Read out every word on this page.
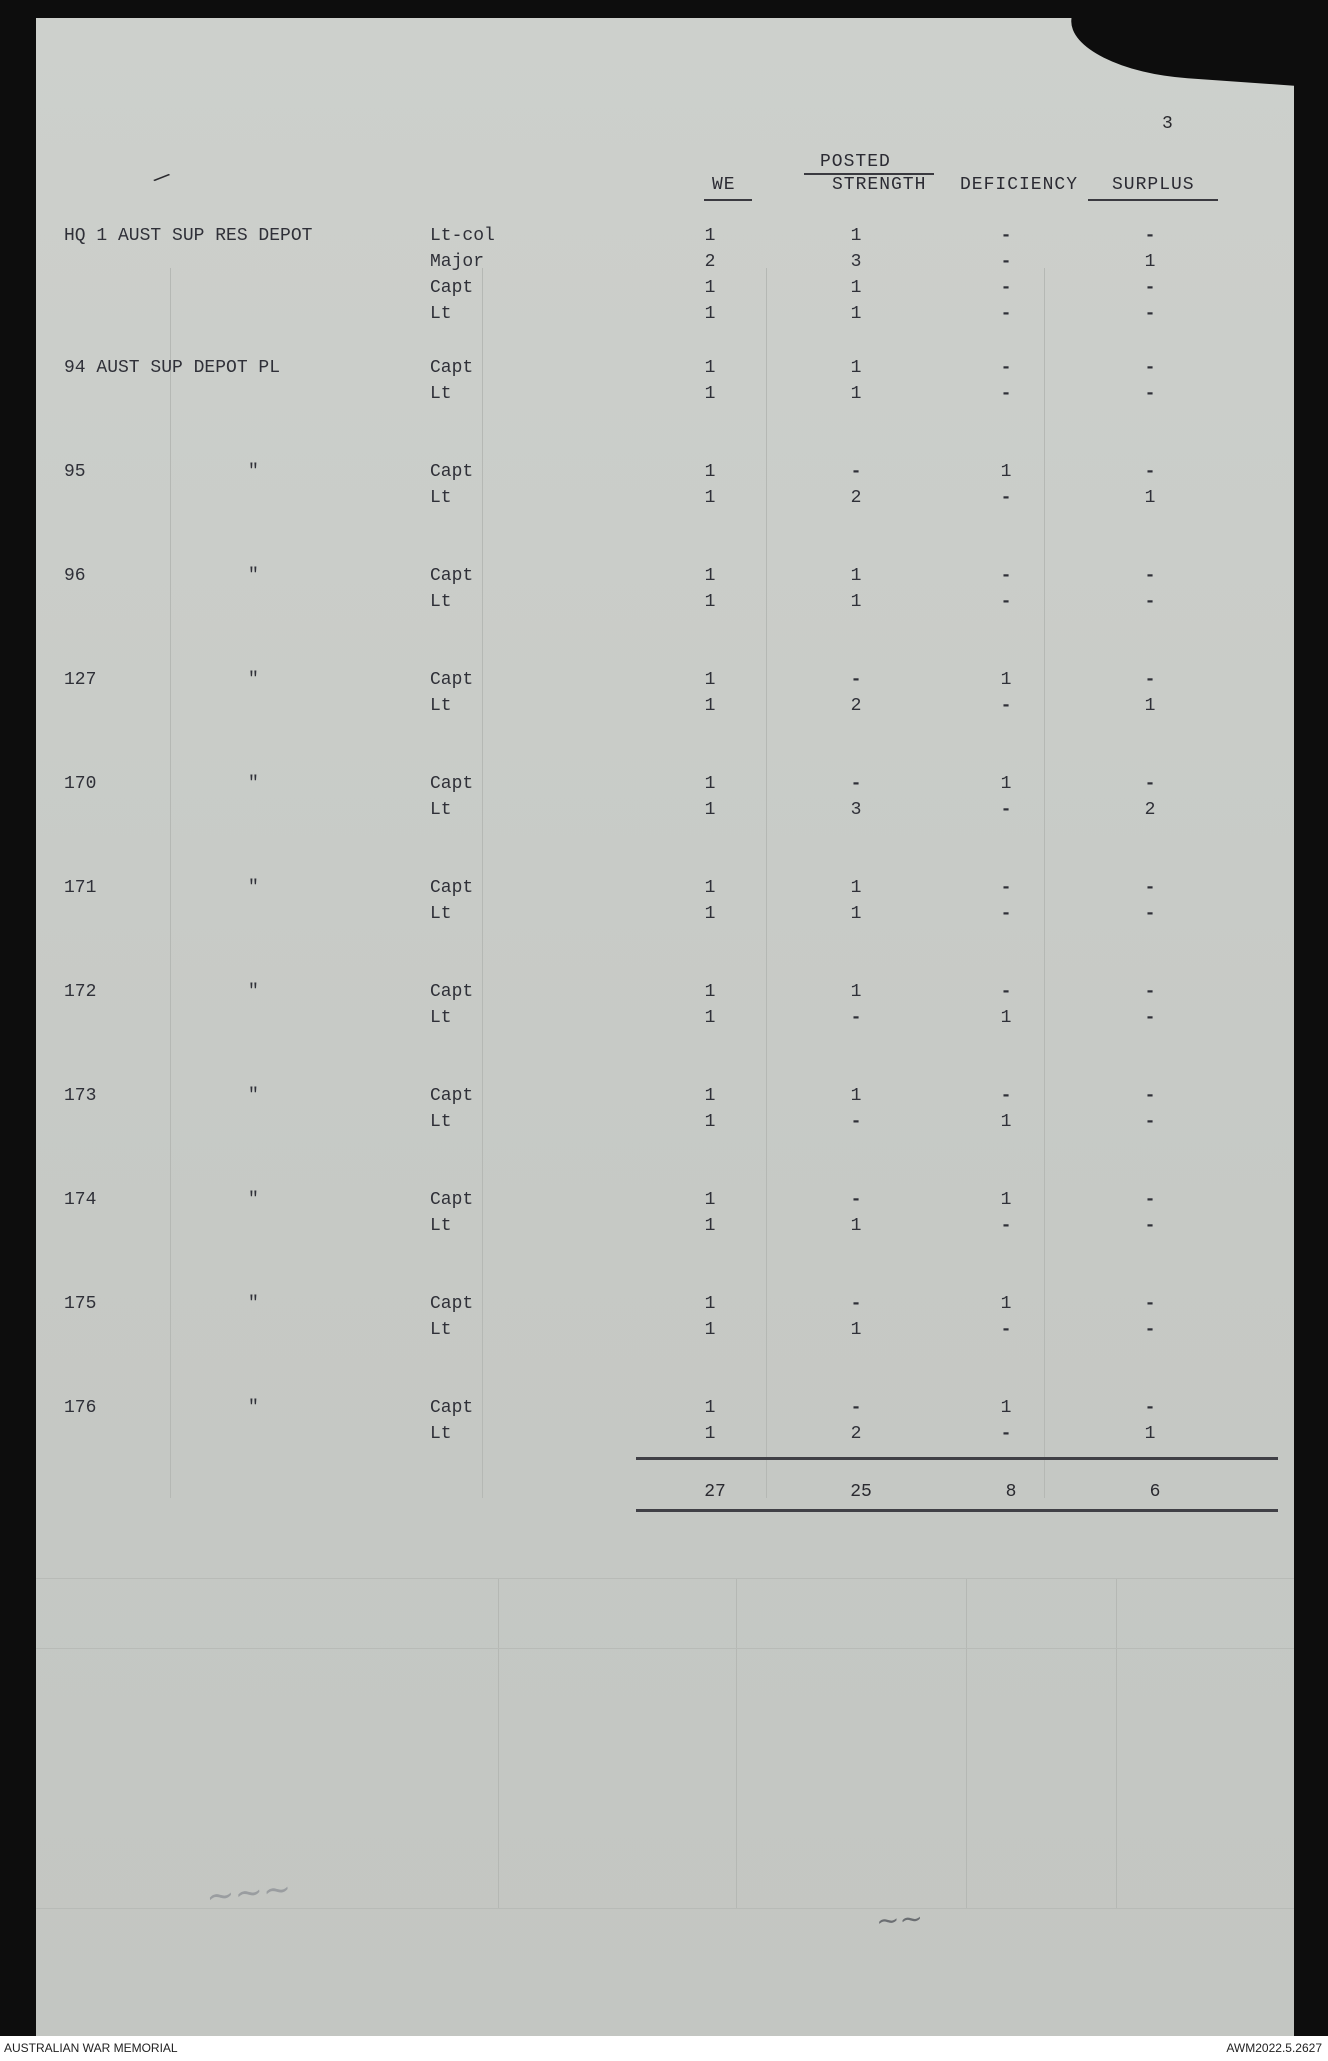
~~~
~~
3
/
POSTED
WE	STRENGTH DEFICIENCY SURPLUS
HQ 1 AUST SUP RES DEPOT	Lt-col	1	1	-	-
Major	2	3	-	1
Capt	1	1	-	-
Lt	1	1	-	-
94 AUST SUP DEPOT PL	Capt	1	1	-	-
Lt	1	1	-	-
95	"	Capt	1	-	1	-
Lt	1	2	-	1
96	"	Capt	1	1	-	-
Lt	1	1	-	-
127	"	Capt	1	-	1	-
Lt	1	2	-	1
170	"	Capt	1	-	1	-
Lt	1	3	-	2
171	"	Capt	1	1	-	-
Lt	1	1	-	-
172	"	Capt	1	1	-	-
Lt	1	-	1	-
173	"	Capt	1	1	-	-
Lt	1	-	1	-
174	"	Capt	1	-	1	-
Lt	1	1	-	-
175	"	Capt	1	-	1	-
Lt	1	1	-	-
176	"	Capt	1	-	1	-
Lt	1	2	-	1
27	25	8	6
AUSTRALIAN WAR MEMORIAL	AWM2022.5.2627
